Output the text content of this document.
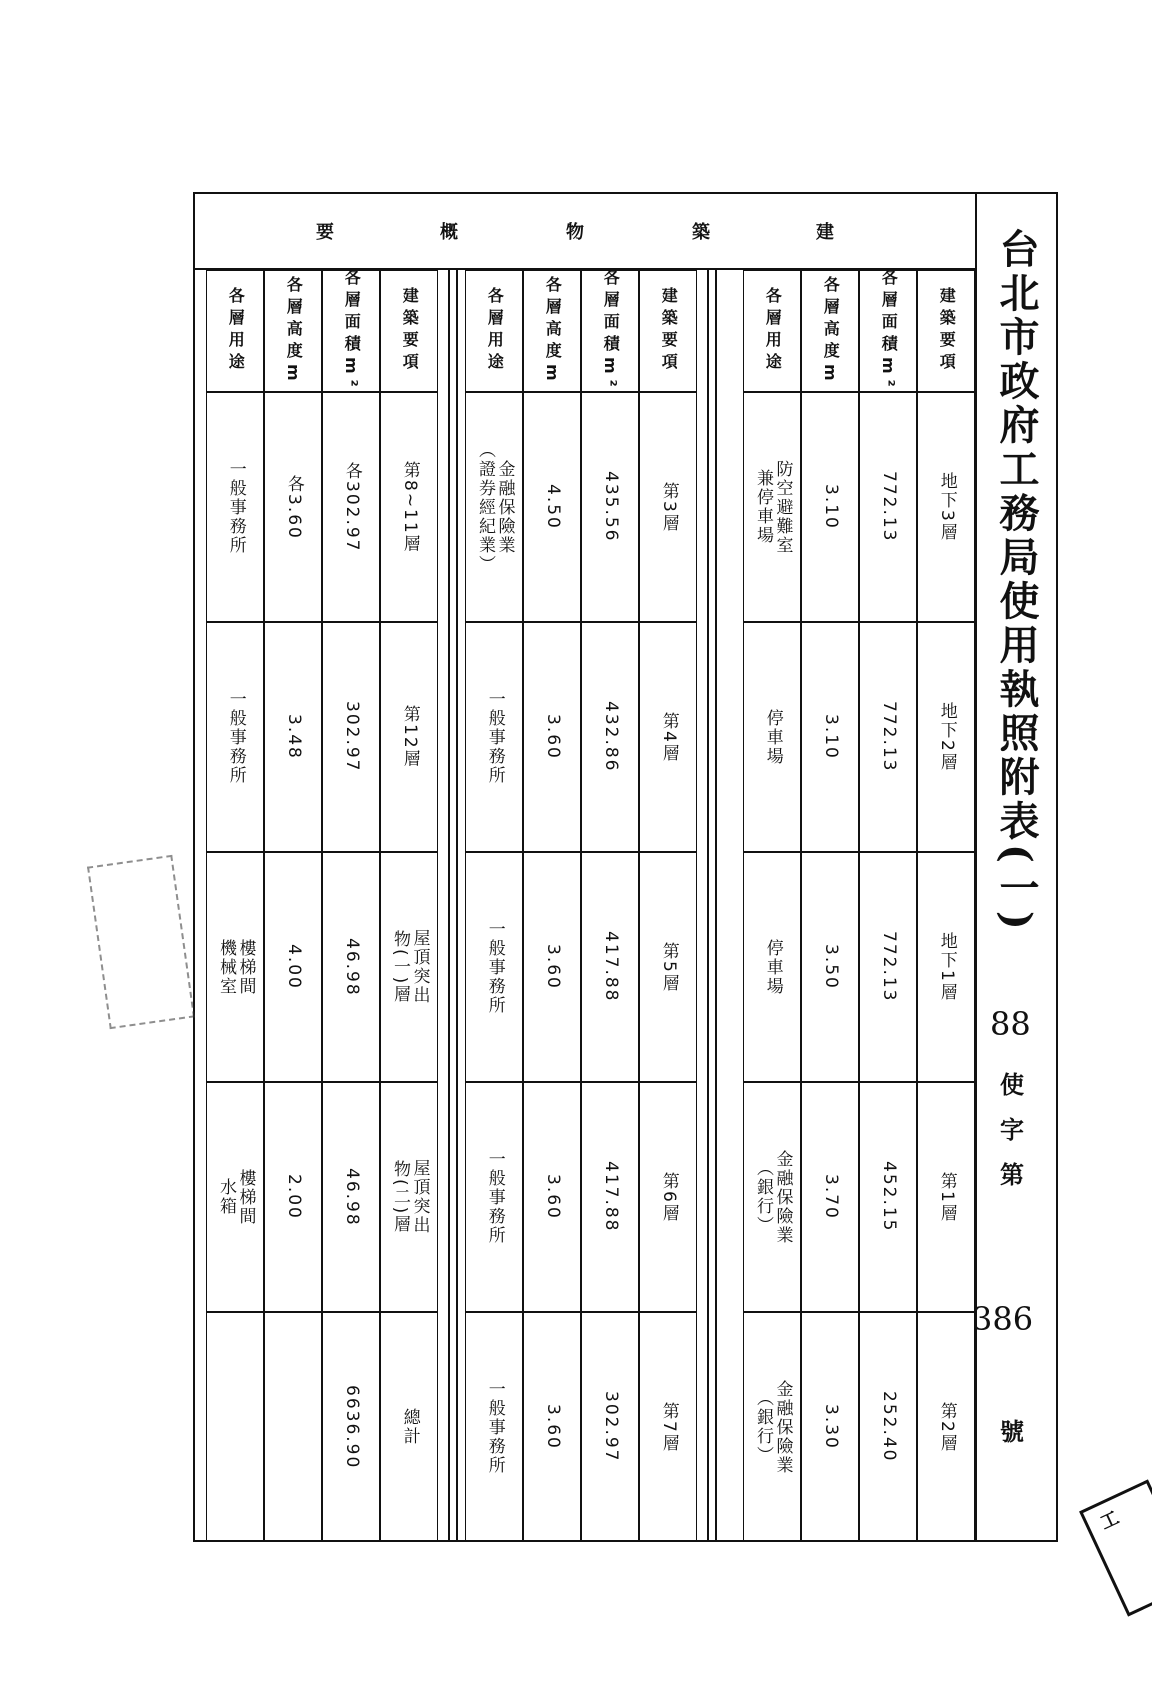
台北市政府工務局使用執照附表(一)
88
使
字
第
386
號
建
築
物
概
要
建築要項
地下3層
地下2層
地下1層
第1層
第2層
各層面積m²
772.13
772.13
772.13
452.15
252.40
各層高度m
3.10
3.10
3.50
3.70
3.30
各層用途
防空避難室
兼停車場
停車場
停車場
金融保險業
（銀行）
金融保險業
（銀行）
建築要項
第3層
第4層
第5層
第6層
第7層
各層面積m²
435.56
432.86
417.88
417.88
302.97
各層高度m
4.50
3.60
3.60
3.60
3.60
各層用途
金融保險業
（證券經紀業）
一般事務所
一般事務所
一般事務所
一般事務所
建築要項
第8~11層
第12層
屋頂突出
物(一)層
屋頂突出
物(二)層
總計
各層面積m²
各302.97
302.97
46.98
46.98
6636.90
各層高度m
各3.60
3.48
4.00
2.00
各層用途
一般事務所
一般事務所
樓梯間
機械室
樓梯間
水箱
工
